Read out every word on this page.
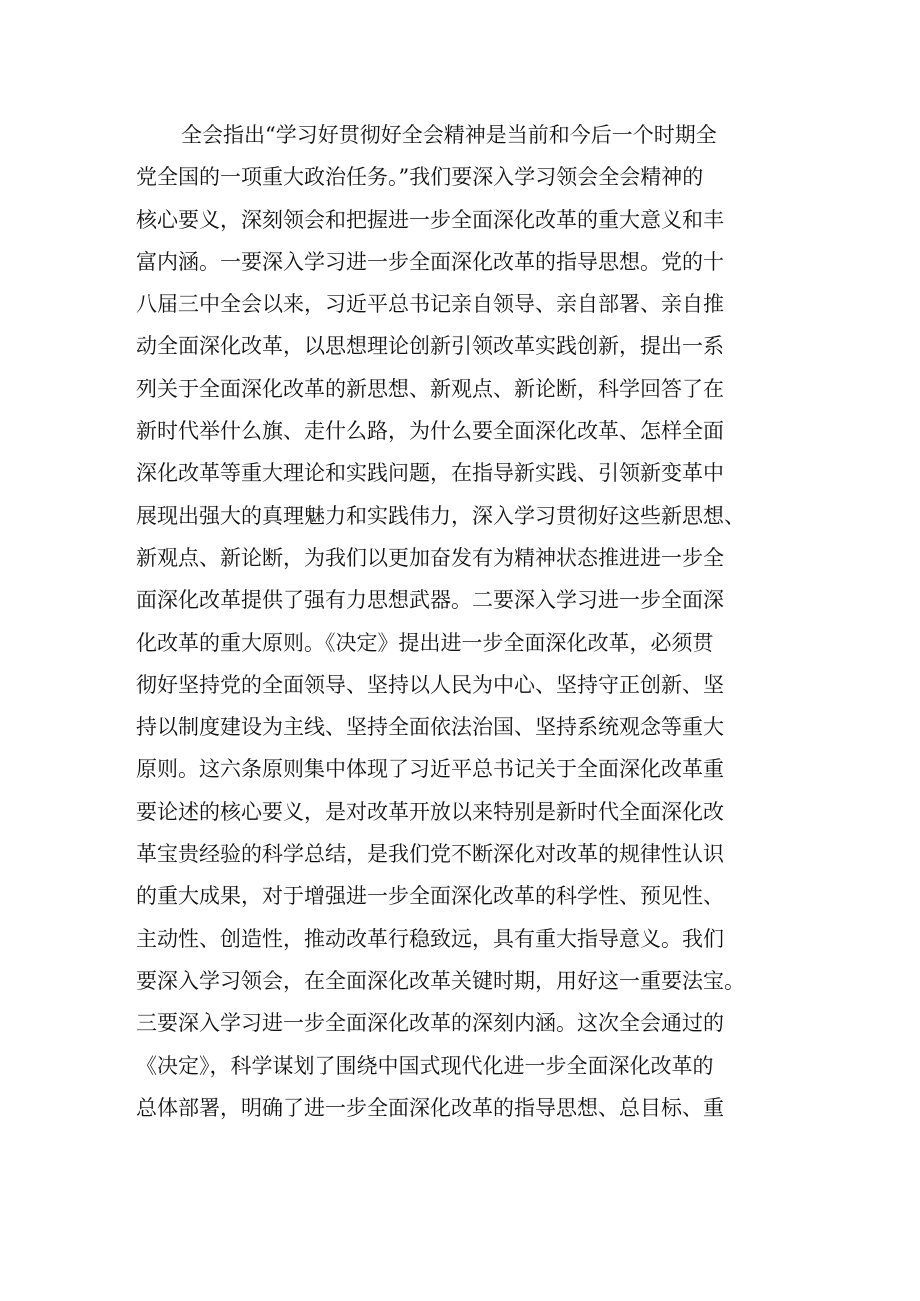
全会指出“学习好贯彻好全会精神是当前和今后一个时期全
党全国的一项重大政治任务。”我们要深入学习领会全会精神的
核心要义，深刻领会和把握进一步全面深化改革的重大意义和丰
富内涵。一要深入学习进一步全面深化改革的指导思想。党的十
八届三中全会以来，习近平总书记亲自领导、亲自部署、亲自推
动全面深化改革，以思想理论创新引领改革实践创新，提出一系
列关于全面深化改革的新思想、新观点、新论断，科学回答了在
新时代举什么旗、走什么路，为什么要全面深化改革、怎样全面
深化改革等重大理论和实践问题，在指导新实践、引领新变革中
展现出强大的真理魅力和实践伟力，深入学习贯彻好这些新思想、
新观点、新论断，为我们以更加奋发有为精神状态推进进一步全
面深化改革提供了强有力思想武器。二要深入学习进一步全面深
化改革的重大原则。《决定》提出进一步全面深化改革，必须贯
彻好坚持党的全面领导、坚持以人民为中心、坚持守正创新、坚
持以制度建设为主线、坚持全面依法治国、坚持系统观念等重大
原则。这六条原则集中体现了习近平总书记关于全面深化改革重
要论述的核心要义，是对改革开放以来特别是新时代全面深化改
革宝贵经验的科学总结，是我们党不断深化对改革的规律性认识
的重大成果，对于增强进一步全面深化改革的科学性、预见性、
主动性、创造性，推动改革行稳致远，具有重大指导意义。我们
要深入学习领会，在全面深化改革关键时期，用好这一重要法宝。
三要深入学习进一步全面深化改革的深刻内涵。这次全会通过的
《决定》，科学谋划了围绕中国式现代化进一步全面深化改革的
总体部署，明确了进一步全面深化改革的指导思想、总目标、重
